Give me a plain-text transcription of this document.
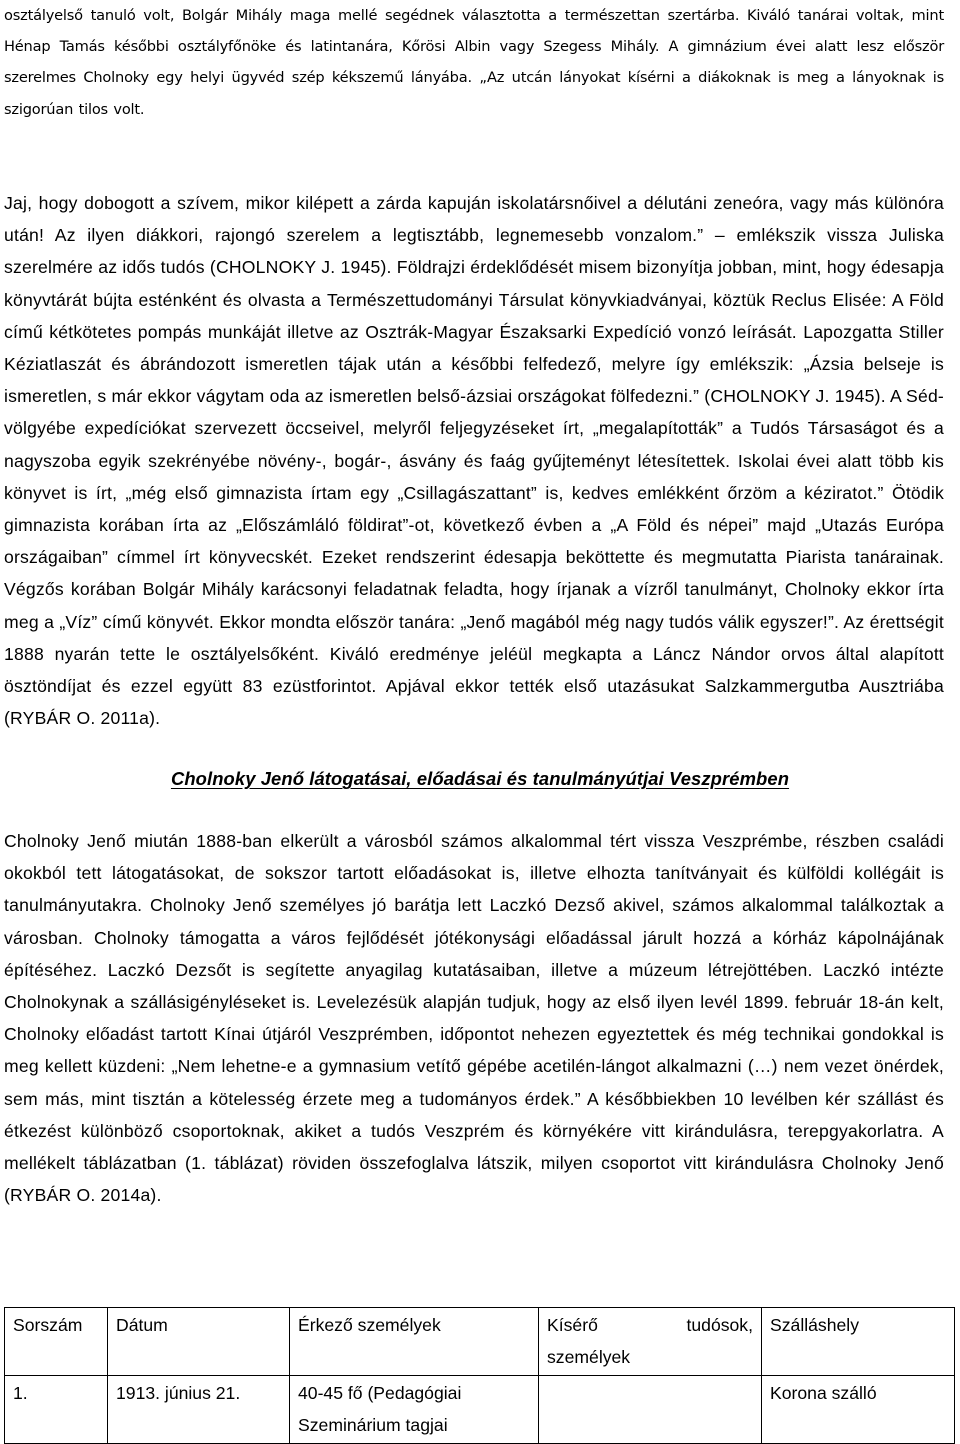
osztályelső tanuló volt, Bolgár Mihály maga mellé segédnek választotta a természettan szertárba. Kiváló tanárai voltak, mint Hénap Tamás későbbi osztályfőnöke és latintanára, Kőrösi Albin vagy Szegess Mihály. A gimnázium évei alatt lesz először szerelmes Cholnoky egy helyi ügyvéd szép kékszemű lányába. „Az utcán lányokat kísérni a diákoknak is meg a lányoknak is szigorúan tilos volt.

Jaj, hogy dobogott a szívem, mikor kilépett a zárda kapuján iskolatársnőivel a délutáni zeneóra, vagy más különóra után! Az ilyen diákkori, rajongó szerelem a legtisztább, legnemesebb vonzalom.” – emlékszik vissza Juliska szerelmére az idős tudós (CHOLNOKY J. 1945). Földrajzi érdeklődését misem bizonyítja jobban, mint, hogy édesapja könyvtárát bújta esténként és olvasta a Természettudományi Társulat könyvkiadványai, köztük Reclus Elisée: A Föld című kétkötetes pompás munkáját illetve az Osztrák-Magyar Északsarki Expedíció vonzó leírását. Lapozgatta Stiller Kéziatlaszát és ábrándozott ismeretlen tájak után a későbbi felfedező, melyre így emlékszik: „Ázsia belseje is ismeretlen, s már ekkor vágytam oda az ismeretlen belső-ázsiai országokat fölfedezni.” (CHOLNOKY J. 1945). A Séd-völgyébe expedíciókat szervezett öccseivel, melyről feljegyzéseket írt, „megalapították” a Tudós Társaságot és a nagyszoba egyik szekrényébe növény-, bogár-, ásvány és faág gyűjteményt létesítettek. Iskolai évei alatt több kis könyvet is írt, „még első gimnazista írtam egy „Csillagászattant” is, kedves emlékként őrzöm a kéziratot.” Ötödik gimnazista korában írta az „Előszámláló földirat”-ot, következő évben a „A Föld és népei” majd „Utazás Európa országaiban” címmel írt könyvecskét. Ezeket rendszerint édesapja beköttette és megmutatta Piarista tanárainak. Végzős korában Bolgár Mihály karácsonyi feladatnak feladta, hogy írjanak a vízről tanulmányt, Cholnoky ekkor írta meg a „Víz” című könyvét. Ekkor mondta először tanára: „Jenő magából még nagy tudós válik egyszer!”. Az érettségit 1888 nyarán tette le osztályelsőként. Kiváló eredménye jeléül megkapta a Láncz Nándor orvos által alapított ösztöndíjat és ezzel együtt 83 ezüstforintot. Apjával ekkor tették első utazásukat Salzkammergutba Ausztriába (RYBÁR O. 2011a).

Cholnoky Jenő látogatásai, előadásai és tanulmányútjai Veszprémben

Cholnoky Jenő miután 1888-ban elkerült a városból számos alkalommal tért vissza Veszprémbe, részben családi okokból tett látogatásokat, de sokszor tartott előadásokat is, illetve elhozta tanítványait és külföldi kollégáit is tanulmányutakra. Cholnoky Jenő személyes jó barátja lett Laczkó Dezső akivel, számos alkalommal találkoztak a városban. Cholnoky támogatta a város fejlődését jótékonysági előadással járult hozzá a kórház kápolnájának építéséhez. Laczkó Dezsőt is segítette anyagilag kutatásaiban, illetve a múzeum létrejöttében. Laczkó intézte Cholnokynak a szállásigényléseket is. Levelezésük alapján tudjuk, hogy az első ilyen levél 1899. február 18-án kelt, Cholnoky előadást tartott Kínai útjáról Veszprémben, időpontot nehezen egyeztettek és még technikai gondokkal is meg kellett küzdeni: „Nem lehetne-e a gymnasium vetítő gépébe acetilén-lángot alkalmazni (…) nem vezet önérdek, sem más, mint tisztán a kötelesség érzete meg a tudományos érdek.” A későbbiekben 10 levélben kér szállást és étkezést különböző csoportoknak, akiket a tudós Veszprém és környékére vitt kirándulásra, terepgyakorlatra. A mellékelt táblázatban (1. táblázat) röviden összefoglalva látszik, milyen csoportot vitt kirándulásra Cholnoky Jenő (RYBÁR O. 2014a).

Sorszám	Dátum	Érkező személyek	Kísérő tudósok, személyek	Szálláshely
1.	1913. június 21.	40-45 fő (Pedagógiai Szeminárium tagjai		Korona szálló
